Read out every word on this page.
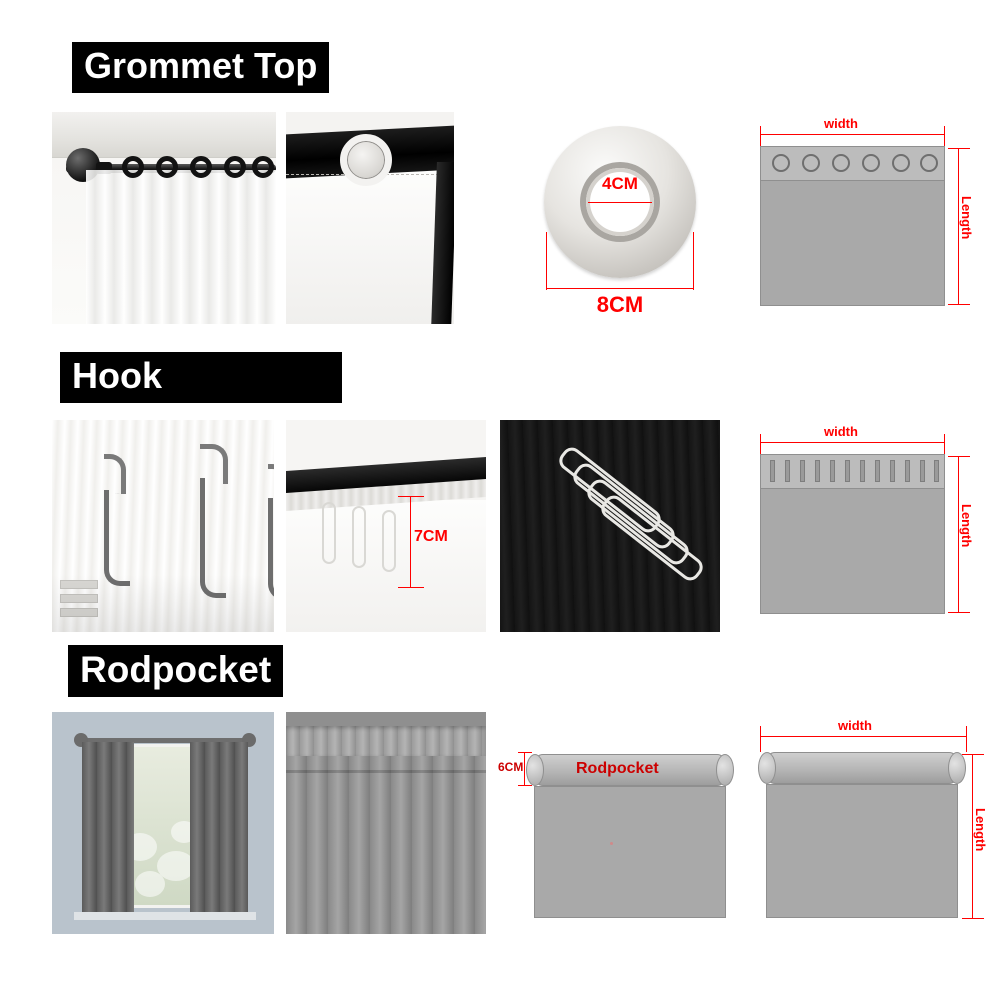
Grommet Top
4CM
8CM
width
Length
Hook
7CM
width
Length
Rodpocket
6CM	Rodpocket
width
Length
